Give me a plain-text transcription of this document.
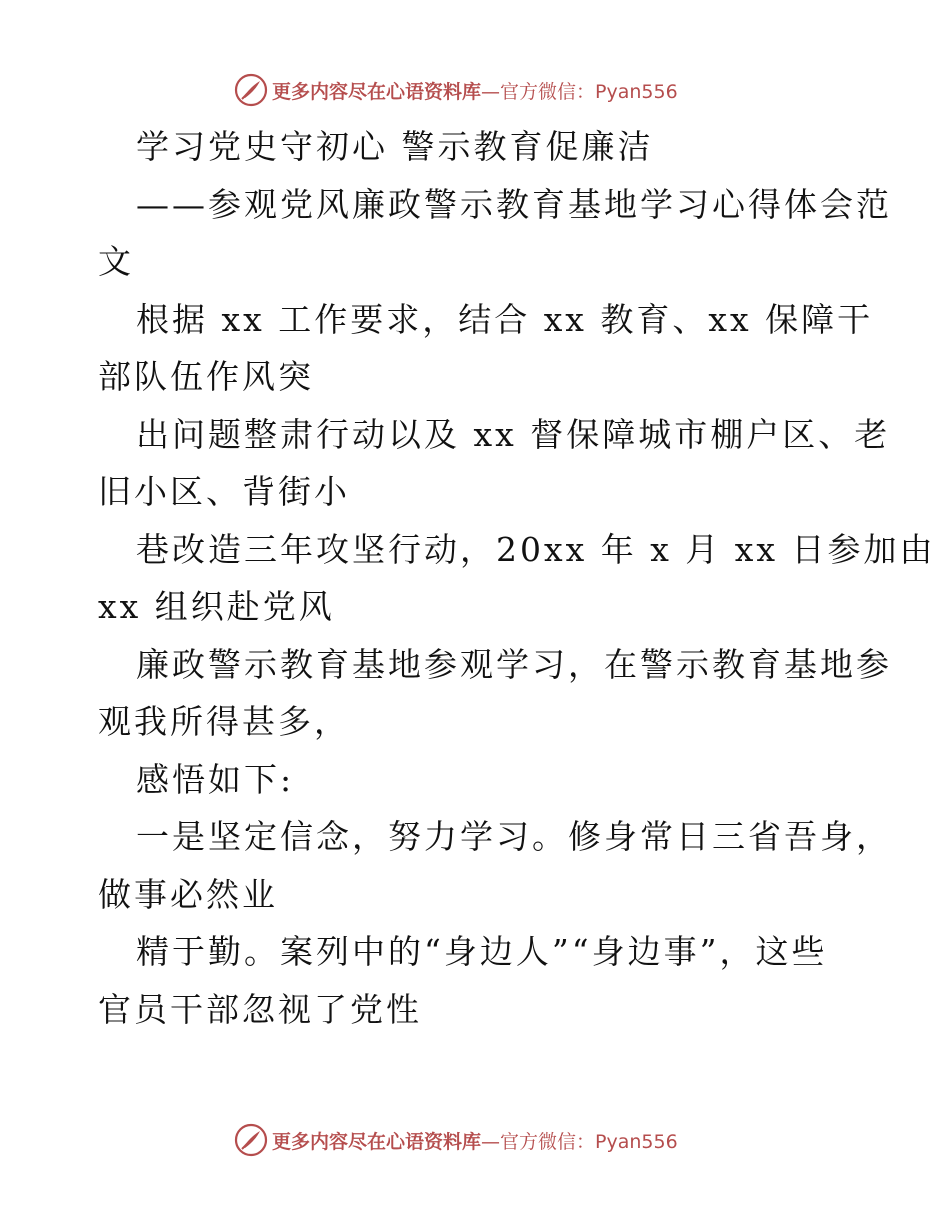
更多内容尽在心语资料库—官方微信：Pyan556
学习党史守初心 警示教育促廉洁
——参观党风廉政警示教育基地学习心得体会范
文
根据 xx 工作要求，结合 xx 教育、xx 保障干
部队伍作风突
出问题整肃行动以及 xx 督保障城市棚户区、老
旧小区、背街小
巷改造三年攻坚行动，20xx 年 x 月 xx 日参加由
xx 组织赴党风
廉政警示教育基地参观学习，在警示教育基地参
观我所得甚多，
感悟如下:
一是坚定信念，努力学习。修身常日三省吾身，
做事必然业
精于勤。案列中的“身边人”“身边事”，这些
官员干部忽视了党性
更多内容尽在心语资料库—官方微信：Pyan556
